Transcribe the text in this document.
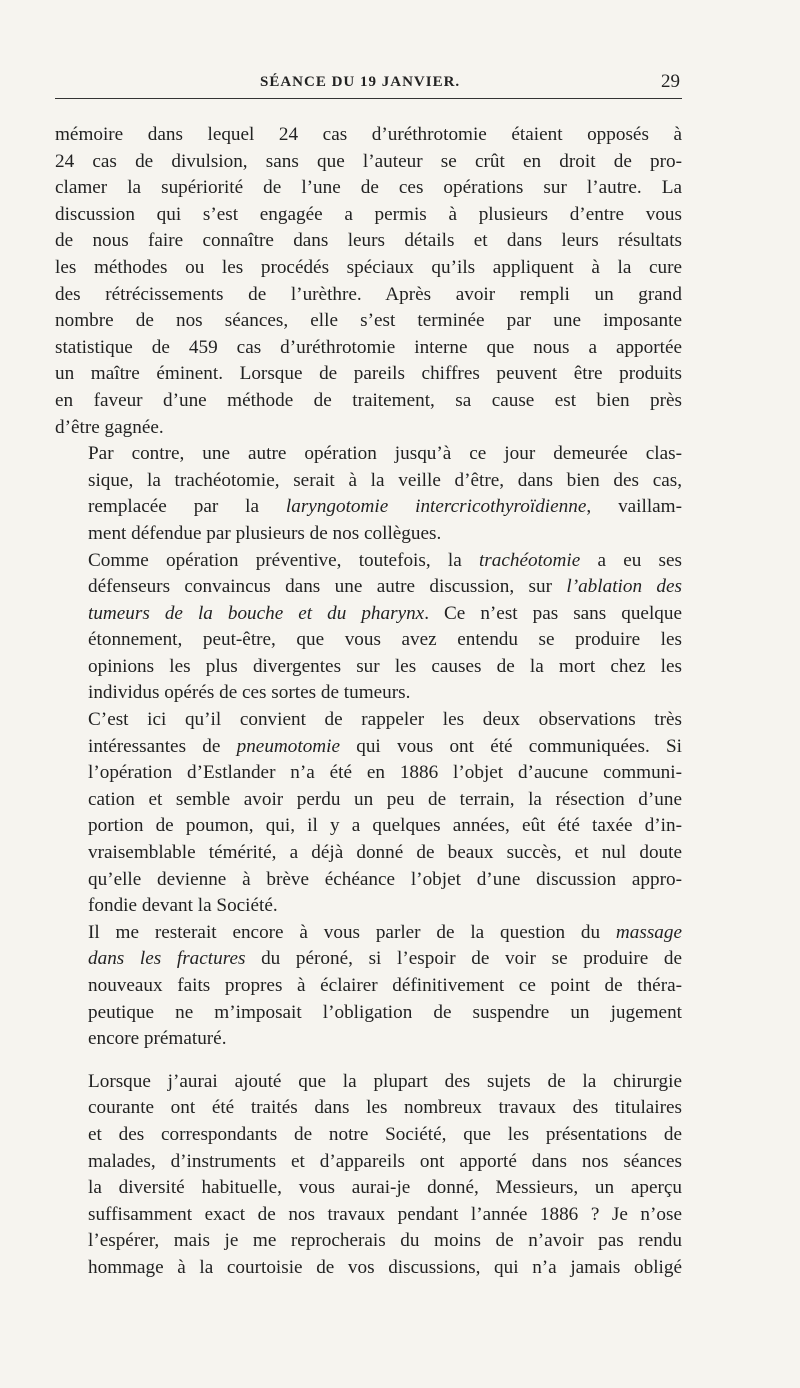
SÉANCE DU 19 JANVIER.	29

mémoire dans lequel 24 cas d’uréthrotomie étaient opposés à
24 cas de divulsion, sans que l’auteur se crût en droit de pro-
clamer la supériorité de l’une de ces opérations sur l’autre. La
discussion qui s’est engagée a permis à plusieurs d’entre vous
de nous faire connaître dans leurs détails et dans leurs résultats
les méthodes ou les procédés spéciaux qu’ils appliquent à la cure
des rétrécissements de l’urèthre. Après avoir rempli un grand
nombre de nos séances, elle s’est terminée par une imposante
statistique de 459 cas d’uréthrotomie interne que nous a apportée
un maître éminent. Lorsque de pareils chiffres peuvent être produits
en faveur d’une méthode de traitement, sa cause est bien près
d’être gagnée.

Par contre, une autre opération jusqu’à ce jour demeurée clas-
sique, la trachéotomie, serait à la veille d’être, dans bien des cas,
remplacée par la laryngotomie intercricothyroïdienne, vaillam-
ment défendue par plusieurs de nos collègues.

Comme opération préventive, toutefois, la trachéotomie a eu ses
défenseurs convaincus dans une autre discussion, sur l’ablation des
tumeurs de la bouche et du pharynx. Ce n’est pas sans quelque
étonnement, peut-être, que vous avez entendu se produire les
opinions les plus divergentes sur les causes de la mort chez les
individus opérés de ces sortes de tumeurs.

C’est ici qu’il convient de rappeler les deux observations très
intéressantes de pneumotomie qui vous ont été communiquées. Si
l’opération d’Estlander n’a été en 1886 l’objet d’aucune communi-
cation et semble avoir perdu un peu de terrain, la résection d’une
portion de poumon, qui, il y a quelques années, eût été taxée d’in-
vraisemblable témérité, a déjà donné de beaux succès, et nul doute
qu’elle devienne à brève échéance l’objet d’une discussion appro-
fondie devant la Société.

Il me resterait encore à vous parler de la question du massage
dans les fractures du péroné, si l’espoir de voir se produire de
nouveaux faits propres à éclairer définitivement ce point de théra-
peutique ne m’imposait l’obligation de suspendre un jugement
encore prématuré.

Lorsque j’aurai ajouté que la plupart des sujets de la chirurgie
courante ont été traités dans les nombreux travaux des titulaires
et des correspondants de notre Société, que les présentations de
malades, d’instruments et d’appareils ont apporté dans nos séances
la diversité habituelle, vous aurai-je donné, Messieurs, un aperçu
suffisamment exact de nos travaux pendant l’année 1886 ? Je n’ose
l’espérer, mais je me reprocherais du moins de n’avoir pas rendu
hommage à la courtoisie de vos discussions, qui n’a jamais obligé
